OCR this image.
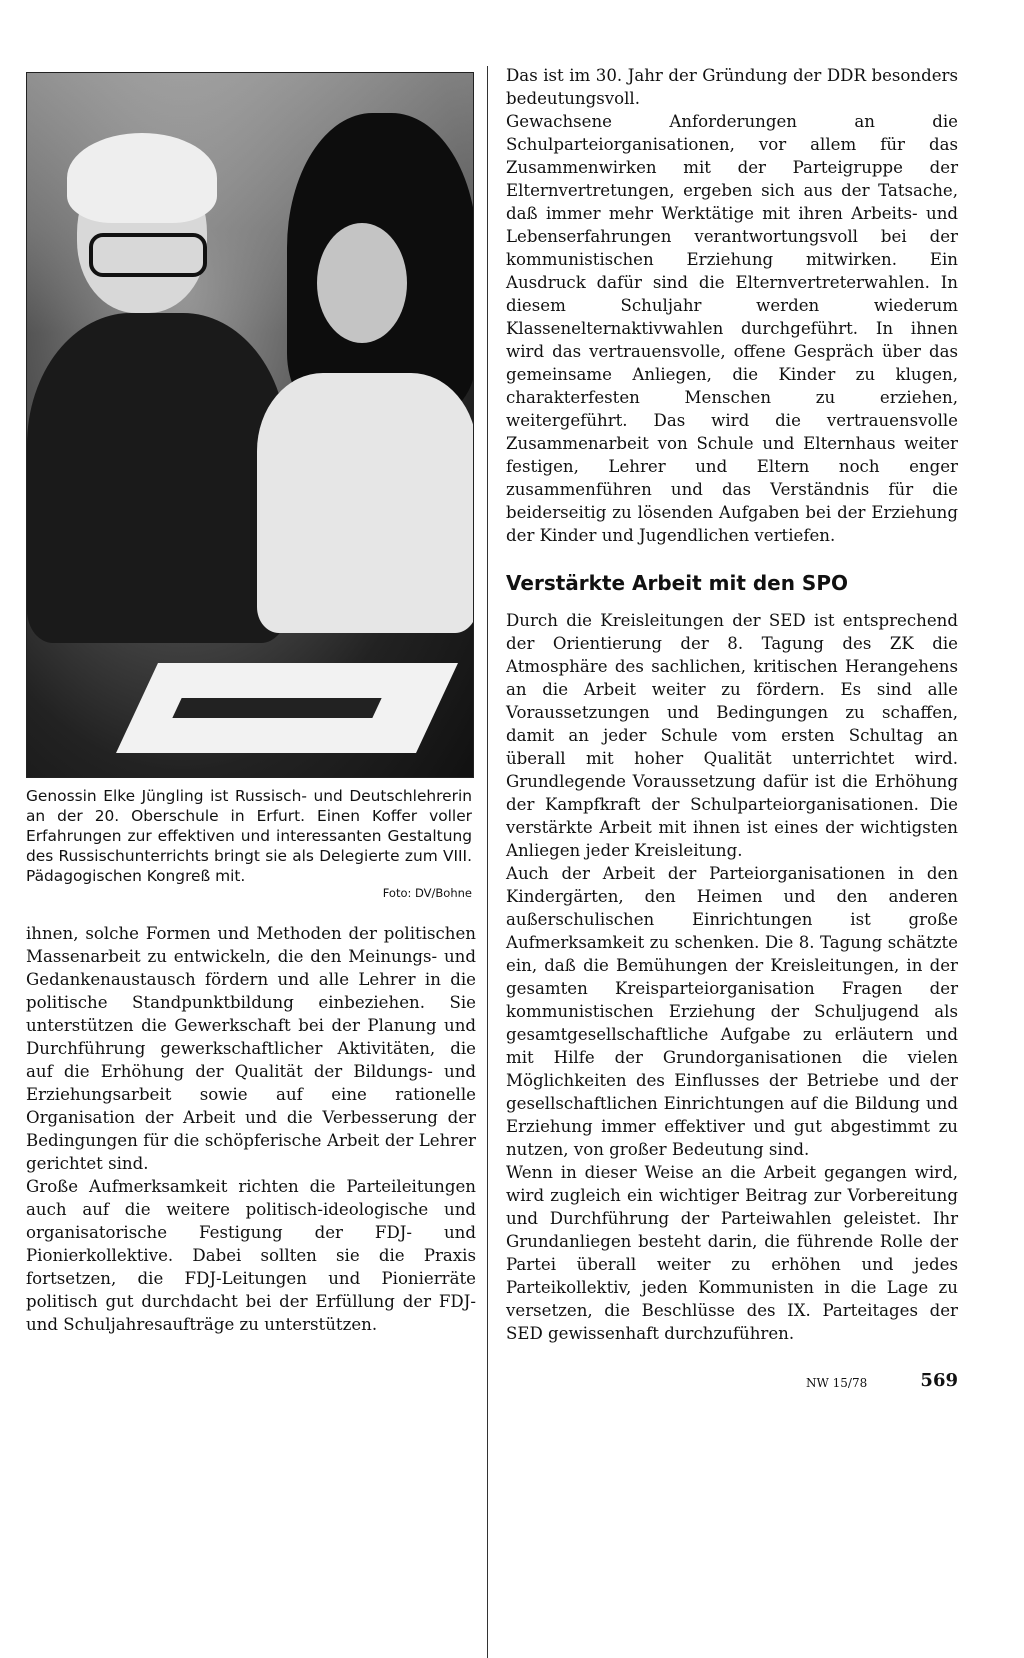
Genossin Elke Jüngling ist Russisch- und Deutschlehrerin an der 20. Oberschule in Erfurt. Einen Koffer voller Erfahrungen zur effektiven und interessanten Gestaltung des Russischunterrichts bringt sie als Delegierte zum VIII. Pädagogischen Kongreß mit.
Foto: DV/Bohne

ihnen, solche Formen und Methoden der politischen Massenarbeit zu entwickeln, die den Meinungs- und Gedankenaustausch fördern und alle Lehrer in die politische Standpunktbildung einbeziehen. Sie unterstützen die Gewerkschaft bei der Planung und Durchführung gewerkschaftlicher Aktivitäten, die auf die Erhöhung der Qualität der Bildungs- und Erziehungsarbeit sowie auf eine rationelle Organisation der Arbeit und die Verbesserung der Bedingungen für die schöpferische Arbeit der Lehrer gerichtet sind.

Große Aufmerksamkeit richten die Parteileitungen auch auf die weitere politisch-ideologische und organisatorische Festigung der FDJ- und Pionierkollektive. Dabei sollten sie die Praxis fortsetzen, die FDJ-Leitungen und Pionierräte politisch gut durchdacht bei der Erfüllung der FDJ- und Schuljahresaufträge zu unterstützen.

Das ist im 30. Jahr der Gründung der DDR besonders bedeutungsvoll.

Gewachsene Anforderungen an die Schulparteiorganisationen, vor allem für das Zusammenwirken mit der Parteigruppe der Elternvertretungen, ergeben sich aus der Tatsache, daß immer mehr Werktätige mit ihren Arbeits- und Lebenserfahrungen verantwortungsvoll bei der kommunistischen Erziehung mitwirken. Ein Ausdruck dafür sind die Elternvertreterwahlen. In diesem Schuljahr werden wiederum Klassenelternaktivwahlen durchgeführt. In ihnen wird das vertrauensvolle, offene Gespräch über das gemeinsame Anliegen, die Kinder zu klugen, charakterfesten Menschen zu erziehen, weitergeführt. Das wird die vertrauensvolle Zusammenarbeit von Schule und Elternhaus weiter festigen, Lehrer und Eltern noch enger zusammenführen und das Verständnis für die beiderseitig zu lösenden Aufgaben bei der Erziehung der Kinder und Jugendlichen vertiefen.

Verstärkte Arbeit mit den SPO

Durch die Kreisleitungen der SED ist entsprechend der Orientierung der 8. Tagung des ZK die Atmosphäre des sachlichen, kritischen Herangehens an die Arbeit weiter zu fördern. Es sind alle Voraussetzungen und Bedingungen zu schaffen, damit an jeder Schule vom ersten Schultag an überall mit hoher Qualität unterrichtet wird. Grundlegende Voraussetzung dafür ist die Erhöhung der Kampfkraft der Schulparteiorganisationen. Die verstärkte Arbeit mit ihnen ist eines der wichtigsten Anliegen jeder Kreisleitung.

Auch der Arbeit der Parteiorganisationen in den Kindergärten, den Heimen und den anderen außerschulischen Einrichtungen ist große Aufmerksamkeit zu schenken. Die 8. Tagung schätzte ein, daß die Bemühungen der Kreisleitungen, in der gesamten Kreisparteiorganisation Fragen der kommunistischen Erziehung der Schuljugend als gesamtgesellschaftliche Aufgabe zu erläutern und mit Hilfe der Grundorganisationen die vielen Möglichkeiten des Einflusses der Betriebe und der gesellschaftlichen Einrichtungen auf die Bildung und Erziehung immer effektiver und gut abgestimmt zu nutzen, von großer Bedeutung sind.

Wenn in dieser Weise an die Arbeit gegangen wird, wird zugleich ein wichtiger Beitrag zur Vorbereitung und Durchführung der Parteiwahlen geleistet. Ihr Grundanliegen besteht darin, die führende Rolle der Partei überall weiter zu erhöhen und jedes Parteikollektiv, jeden Kommunisten in die Lage zu versetzen, die Beschlüsse des IX. Parteitages der SED gewissenhaft durchzuführen.

NW 15/78	569
